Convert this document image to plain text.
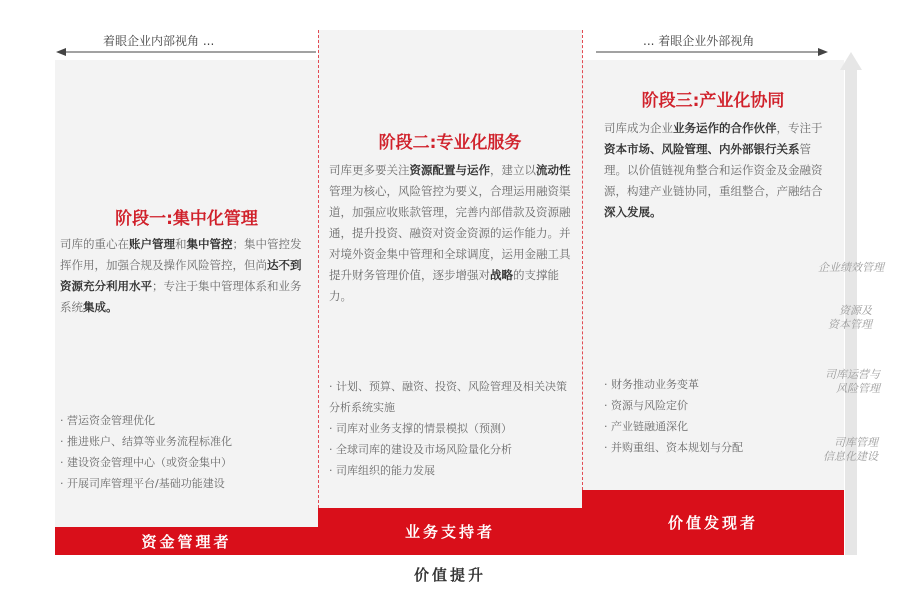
着眼企业内部视角 ...	... 着眼企业外部视角
阶段一:集中化管理
司库的重心在账户管理和集中管控；集中管控发挥作用，加强合规及操作风险管控，但尚达不到资源充分利用水平；专注于集中管理体系和业务系统集成。
· 营运资金管理优化
· 推进账户、结算等业务流程标准化
· 建设资金管理中心（或资金集中）
· 开展司库管理平台/基础功能建设
阶段二:专业化服务
司库更多要关注资源配置与运作，建立以流动性管理为核心，风险管控为要义，合理运用融资渠道，加强应收账款管理，完善内部借款及资源融通，提升投资、融资对资金资源的运作能力。并对境外资金集中管理和全球调度，运用金融工具提升财务管理价值，逐步增强对战略的支撑能力。
· 计划、预算、融资、投资、风险管理及相关决策分析系统实施
· 司库对业务支撑的情景模拟（预测）
· 全球司库的建设及市场风险量化分析
· 司库组织的能力发展
阶段三:产业化协同
司库成为企业业务运作的合作伙伴，专注于资本市场、风险管理、内外部银行关系管理。以价值链视角整合和运作资金及金融资源，构建产业链协同，重组整合，产融结合深入发展。
· 财务推动业务变革
· 资源与风险定价
· 产业链融通深化
· 并购重组、资本规划与分配
企业绩效管理
资源及
资本管理
司库运营与
风险管理
司库管理
信息化建设
资金管理者
业务支持者	价值发现者
价值提升
